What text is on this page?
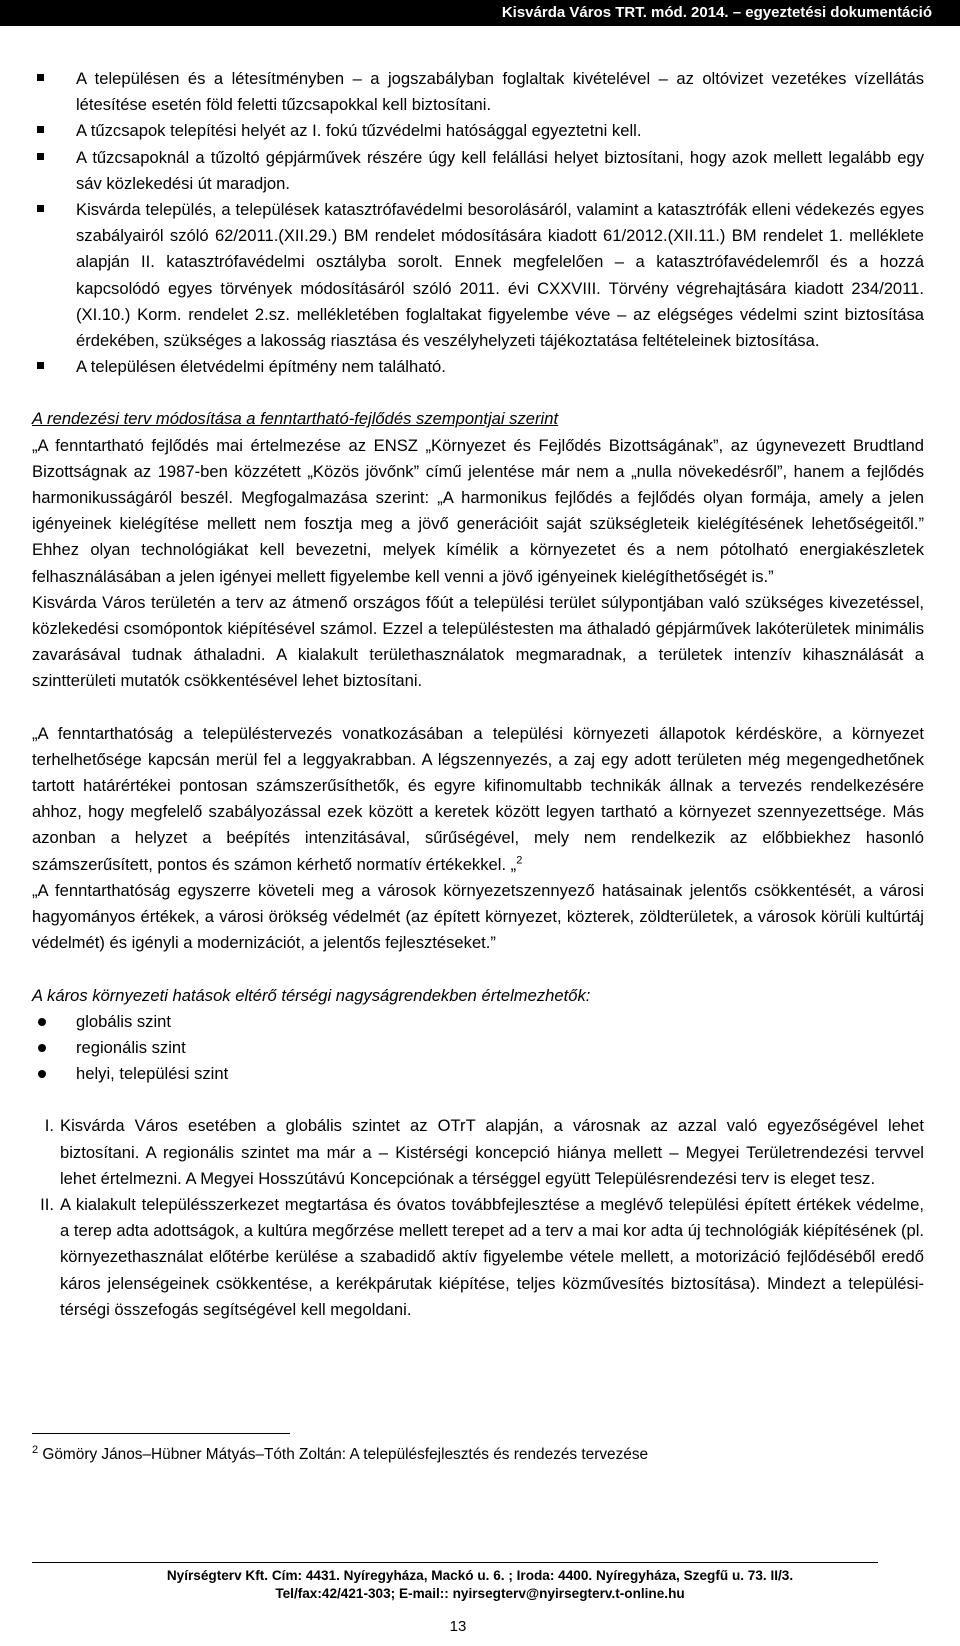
Kisvárda Város TRT. mód. 2014. – egyeztetési dokumentáció
A településen és a létesítményben – a jogszabályban foglaltak kivételével – az oltóvizet vezetékes vízellátás létesítése esetén föld feletti tűzcsapokkal kell biztosítani.
A tűzcsapok telepítési helyét az I. fokú tűzvédelmi hatósággal egyeztetni kell.
A tűzcsapoknál a tűzoltó gépjárművek részére úgy kell felállási helyet biztosítani, hogy azok mellett legalább egy sáv közlekedési út maradjon.
Kisvárda település, a települések katasztrófavédelmi besorolásáról, valamint a katasztrófák elleni védekezés egyes szabályairól szóló 62/2011.(XII.29.) BM rendelet módosítására kiadott 61/2012.(XII.11.) BM rendelet 1. melléklete alapján II. katasztrófavédelmi osztályba sorolt. Ennek megfelelően – a katasztrófavédelemről és a hozzá kapcsolódó egyes törvények módosításáról szóló 2011. évi CXXVIII. Törvény végrehajtására kiadott 234/2011.(XI.10.) Korm. rendelet 2.sz. mellékletében foglaltakat figyelembe véve – az elégséges védelmi szint biztosítása érdekében, szükséges a lakosság riasztása és veszélyhelyzeti tájékoztatása feltételeinek biztosítása.
A településen életvédelmi építmény nem található.
A rendezési terv módosítása a fenntartható-fejlődés szempontjai szerint

„A fenntartható fejlődés mai értelmezése az ENSZ „Környezet és Fejlődés Bizottságának”, az úgynevezett Brudtland Bizottságnak az 1987-ben közzétett „Közös jövőnk” című jelentése már nem a „nulla növekedésről”, hanem a fejlődés harmonikusságáról beszél. Megfogalmazása szerint: „A harmonikus fejlődés a fejlődés olyan formája, amely a jelen igényeinek kielégítése mellett nem fosztja meg a jövő generációit saját szükségleteik kielégítésének lehetőségeitől.” Ehhez olyan technológiákat kell bevezetni, melyek kímélik a környezetet és a nem pótolható energiakészletek felhasználásában a jelen igényei mellett figyelembe kell venni a jövő igényeinek kielégíthetőségét is.”

Kisvárda Város területén a terv az átmenő országos főút a települési terület súlypontjában való szükséges kivezetéssel, közlekedési csomópontok kiépítésével számol. Ezzel a településtesten ma áthaladó gépjárművek lakóterületek minimális zavarásával tudnak áthaladni. A kialakult területhasználatok megmaradnak, a területek intenzív kihasználását a szintterületi mutatók csökkentésével lehet biztosítani.

„A fenntarthatóság a településtervezés vonatkozásában a települési környezeti állapotok kérdésköre, a környezet terhelhetősége kapcsán merül fel a leggyakrabban. A légszennyezés, a zaj egy adott területen még megengedhetőnek tartott határértékei pontosan számszerűsíthetők, és egyre kifinomultabb technikák állnak a tervezés rendelkezésére ahhoz, hogy megfelelő szabályozással ezek között a keretek között legyen tartható a környezet szennyezettsége. Más azonban a helyzet a beépítés intenzitásával, sűrűségével, mely nem rendelkezik az előbbiekhez hasonló számszerűsített, pontos és számon kérhető normatív értékekkel. „$^2$

„A fenntarthatóság egyszerre követeli meg a városok környezetszennyező hatásainak jelentős csökkentését, a városi hagyományos értékek, a városi örökség védelmét (az épített környezet, közterek, zöldterületek, a városok körüli kultúrtáj védelmét) és igényli a modernizációt, a jelentős fejlesztéseket.”

A káros környezeti hatások eltérő térségi nagyságrendekben értelmezhetők:
globális szint
regionális szint
helyi, települési szint
I. Kisvárda Város esetében a globális szintet az OTrT alapján, a városnak az azzal való egyezőségével lehet biztosítani. A regionális szintet ma már a – Kistérségi koncepció hiánya mellett – Megyei Területrendezési tervvel lehet értelmezni. A Megyei Hosszútávú Koncepciónak a térséggel együtt Településrendezési terv is eleget tesz.
II. A kialakult településszerkezet megtartása és óvatos továbbfejlesztése a meglévő települési épített értékek védelme, a terep adta adottságok, a kultúra megőrzése mellett terepet ad a terv a mai kor adta új technológiák kiépítésének (pl. környezethasználat előtérbe kerülése a szabadidő aktív figyelembe vétele mellett, a motorizáció fejlődéséből eredő káros jelenségeinek csökkentése, a kerékpárutak kiépítése, teljes közművesítés biztosítása). Mindezt a települési-térségi összefogás segítségével kell megoldani.
$^2$ Gömöry János–Hübner Mátyás–Tóth Zoltán: A településfejlesztés és rendezés tervezése
Nyírségterv Kft. Cím: 4431. Nyíregyháza, Mackó u. 6. ; Iroda: 4400. Nyíregyháza, Szegfű u. 73. II/3.
Tel/fax:42/421-303; E-mail:: nyirsegterv@nyirsegterv.t-online.hu
13
